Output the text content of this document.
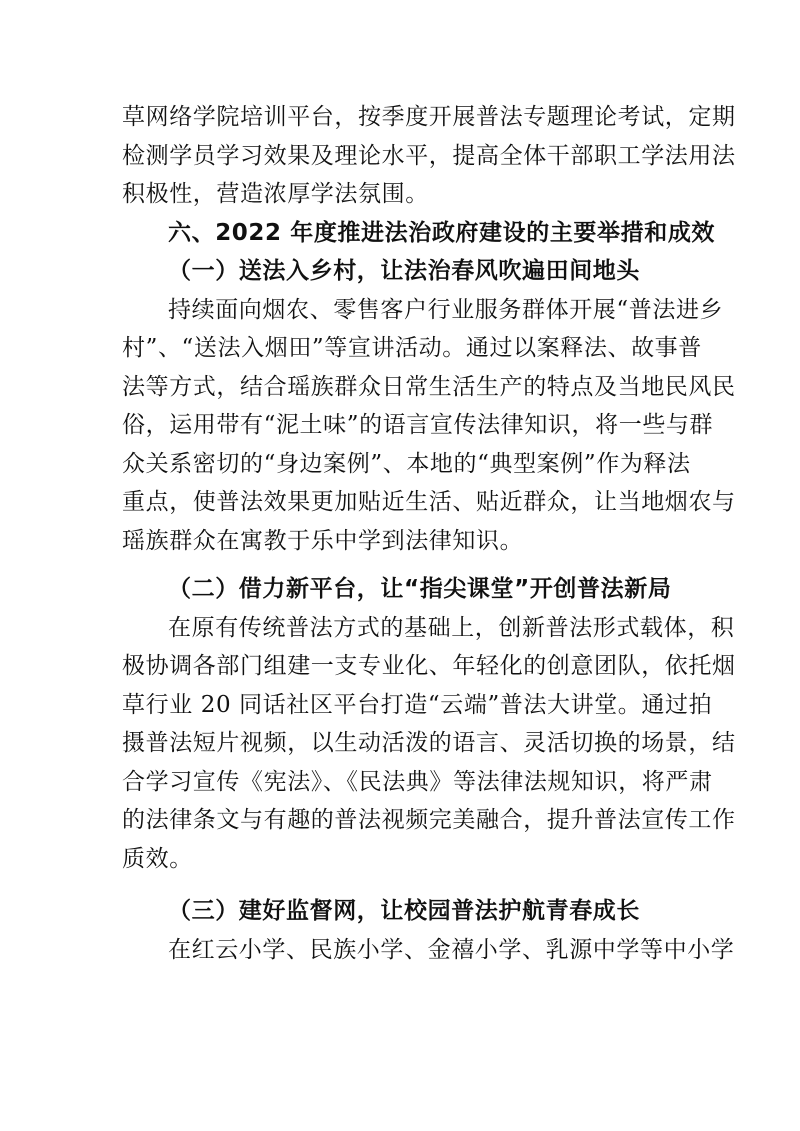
草网络学院培训平台，按季度开展普法专题理论考试，定期
检测学员学习效果及理论水平，提高全体干部职工学法用法
积极性，营造浓厚学法氛围。
六、2022 年度推进法治政府建设的主要举措和成效
（一）送法入乡村，让法治春风吹遍田间地头
持续面向烟农、零售客户行业服务群体开展“普法进乡
村”、“送法入烟田”等宣讲活动。通过以案释法、故事普
法等方式，结合瑶族群众日常生活生产的特点及当地民风民
俗，运用带有“泥土味”的语言宣传法律知识，将一些与群
众关系密切的“身边案例”、本地的“典型案例”作为释法
重点，使普法效果更加贴近生活、贴近群众，让当地烟农与
瑶族群众在寓教于乐中学到法律知识。
（二）借力新平台，让“指尖课堂”开创普法新局
在原有传统普法方式的基础上，创新普法形式载体，积
极协调各部门组建一支专业化、年轻化的创意团队，依托烟
草行业 20 同话社区平台打造“云端”普法大讲堂。通过拍
摄普法短片视频，以生动活泼的语言、灵活切换的场景，结
合学习宣传《宪法》、《民法典》等法律法规知识，将严肃
的法律条文与有趣的普法视频完美融合，提升普法宣传工作
质效。
（三）建好监督网，让校园普法护航青春成长
在红云小学、民族小学、金禧小学、乳源中学等中小学
